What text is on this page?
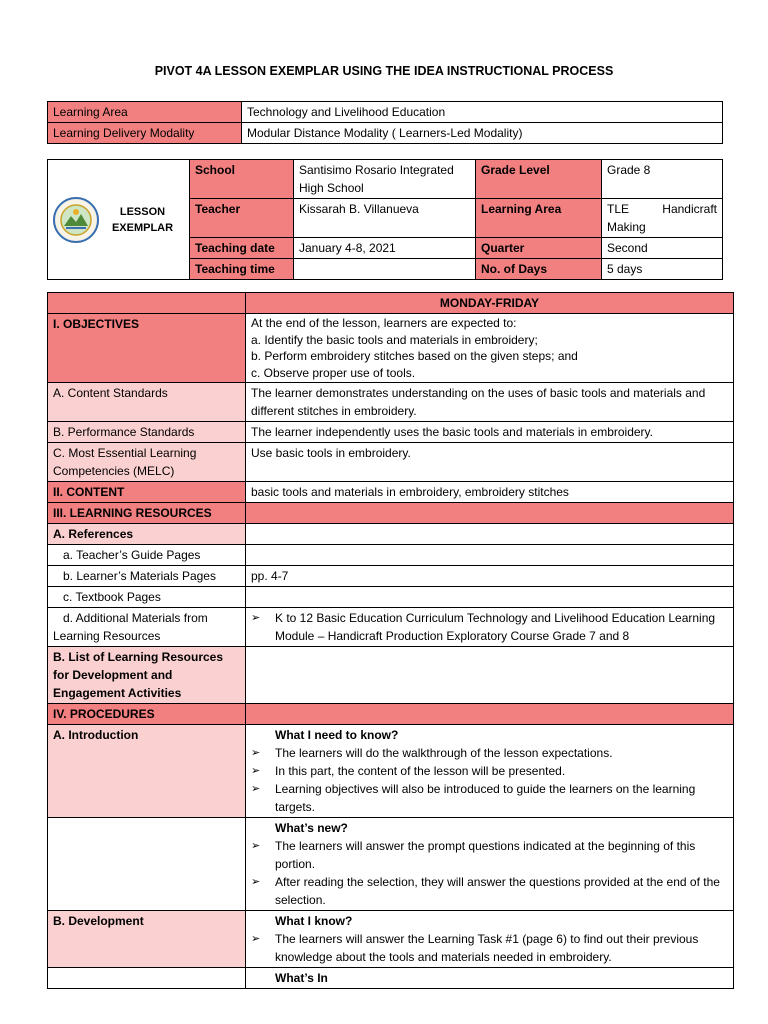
PIVOT 4A LESSON EXEMPLAR USING THE IDEA INSTRUCTIONAL PROCESS
Learning Area	Technology and Livelihood Education
Learning Delivery Modality	Modular Distance Modality ( Learners-Led Modality)
LESSON
EXEMPLAR	School	Santisimo Rosario Integrated High School	Grade Level	Grade 8
	Teacher	Kissarah B. Villanueva	Learning Area	TLE Handicraft
Making

	Teaching date	January 4-8, 2021	Quarter	Second
	Teaching time		No. of Days	5 days
	MONDAY-FRIDAY
I. OBJECTIVES	At the end of the lesson, learners are expected to:
a. Identify the basic tools and materials in embroidery;
b. Perform embroidery stitches based on the given steps; and
c. Observe proper use of tools.

A. Content Standards	The learner demonstrates understanding on the uses of basic tools and materials and different stitches in embroidery.
B. Performance Standards	The learner independently uses the basic tools and materials in embroidery.
C. Most Essential Learning Competencies (MELC)	Use basic tools in embroidery.
II. CONTENT	basic tools and materials in embroidery, embroidery stitches
III. LEARNING RESOURCES	
A. References	
a. Teacher’s Guide Pages	
b. Learner’s Materials Pages	pp. 4-7
c. Textbook Pages	

d. Additional Materials from
Learning Resources	➢ K to 12 Basic Education Curriculum Technology and Livelihood Education Learning Module – Handicraft Production Exploratory Course Grade 7 and 8

B. List of Learning Resources for Development and Engagement Activities	
IV. PROCEDURES	
A. Introduction	What I need to know?
➢ The learners will do the walkthrough of the lesson expectations.
➢ In this part, the content of the lesson will be presented.
➢ Learning objectives will also be introduced to guide the learners on the learning targets.

	What’s new?
➢ The learners will answer the prompt questions indicated at the beginning of this portion.
➢ After reading the selection, they will answer the questions provided at the end of the selection.

B. Development	What I know?
➢ The learners will answer the Learning Task #1 (page 6) to find out their previous knowledge about the tools and materials needed in embroidery.

	What’s In
